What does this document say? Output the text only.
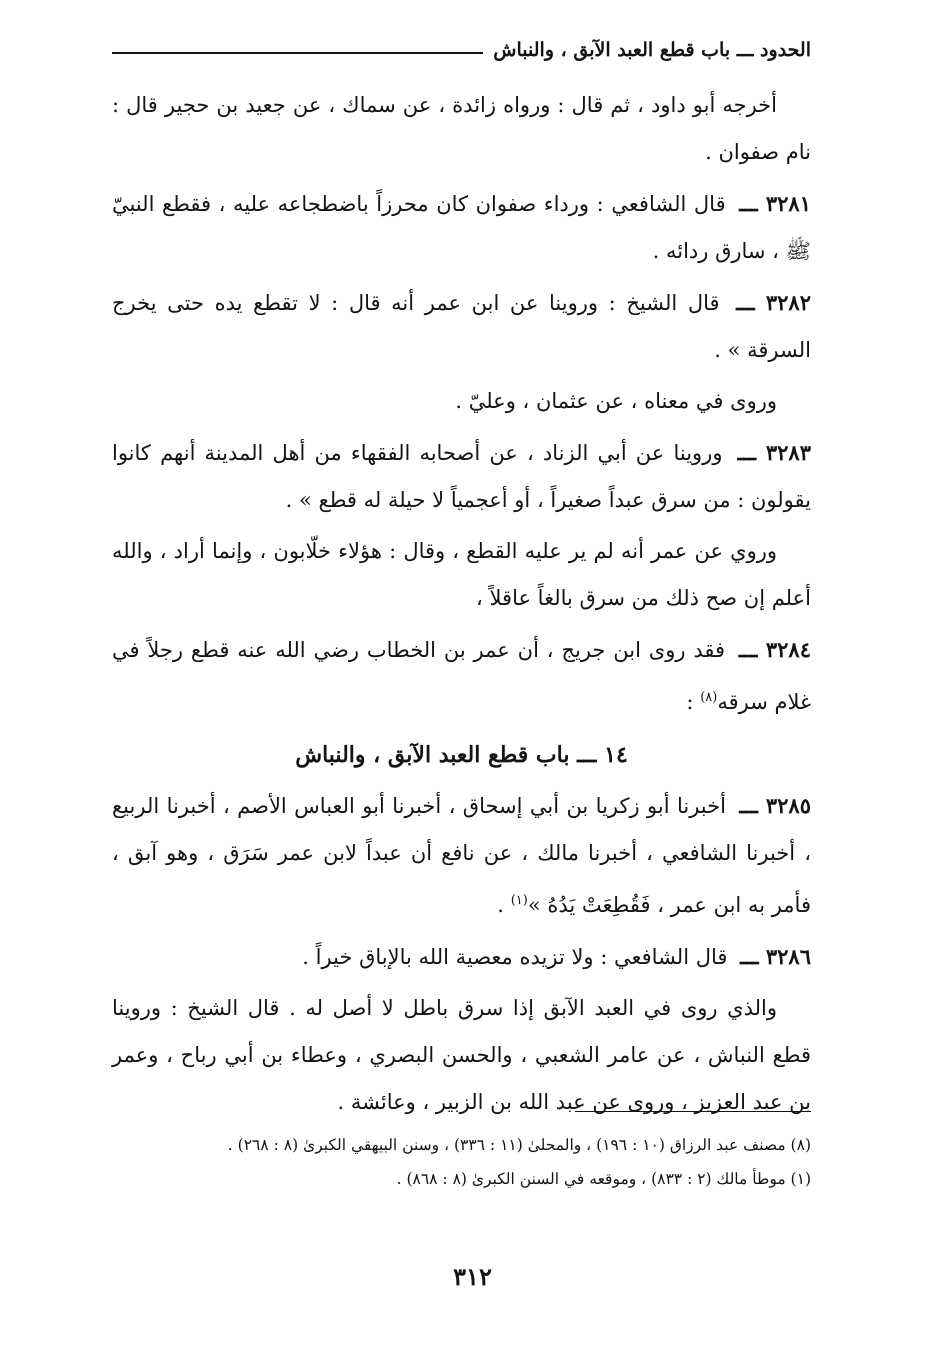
الحدود ـــ باب قطع العبد الآبق ، والنباش

أخرجه أبو داود ، ثم قال : ورواه زائدة ، عن سماك ، عن جعيد بن حجير قال : نام صفوان .

٣٢٨١ ـــ قال الشافعي : ورداء صفوان كان محرزاً باضطجاعه عليه ، فقطع النبيّ ﷺ ، سارق ردائه .

٣٢٨٢ ـــ قال الشيخ : وروينا عن ابن عمر أنه قال : لا تقطع يده حتى يخرج السرقة » .

وروى في معناه ، عن عثمان ، وعليّ .

٣٢٨٣ ـــ وروينا عن أبي الزناد ، عن أصحابه الفقهاء من أهل المدينة أنهم كانوا يقولون : من سرق عبداً صغيراً ، أو أعجمياً لا حيلة له قطع » .

وروي عن عمر أنه لم ير عليه القطع ، وقال : هؤلاء خلّابون ، وإنما أراد ، والله أعلم إن صح ذلك من سرق بالغاً عاقلاً ،

٣٢٨٤ ـــ فقد روى ابن جريج ، أن عمر بن الخطاب رضي الله عنه قطع رجلاً في غلام سرقه$^{(٨)}$ :

١٤ ـــ باب قطع العبد الآبق ، والنباش

٣٢٨٥ ـــ أخبرنا أبو زكريا بن أبي إسحاق ، أخبرنا أبو العباس الأصم ، أخبرنا الربيع ، أخبرنا الشافعي ، أخبرنا مالك ، عن نافع أن عبداً لابن عمر سَرَق ، وهو آبق ، فأمر به ابن عمر ، فَقُطِعَتْ يَدُهُ »$^{(١)}$ .

٣٢٨٦ ـــ قال الشافعي : ولا تزيده معصية الله بالإباق خيراً .

والذي روى في العبد الآبق إذا سرق باطل لا أصل له . قال الشيخ : وروينا قطع النباش ، عن عامر الشعبي ، والحسن البصري ، وعطاء بن أبي رباح ، وعمر بن عبد العزيز ، وروى عن عبد الله بن الزبير ، وعائشة .

(٨) مصنف عبد الرزاق (١٠ : ١٩٦) ، والمحلىٰ (١١ : ٣٣٦) ، وسنن البيهقي الكبرىٰ (٨ : ٢٦٨) .

(١) موطأ مالك (٢ : ٨٣٣) ، وموقعه في السنن الكبرىٰ (٨ : ٨٦٨) .

٣١٢
